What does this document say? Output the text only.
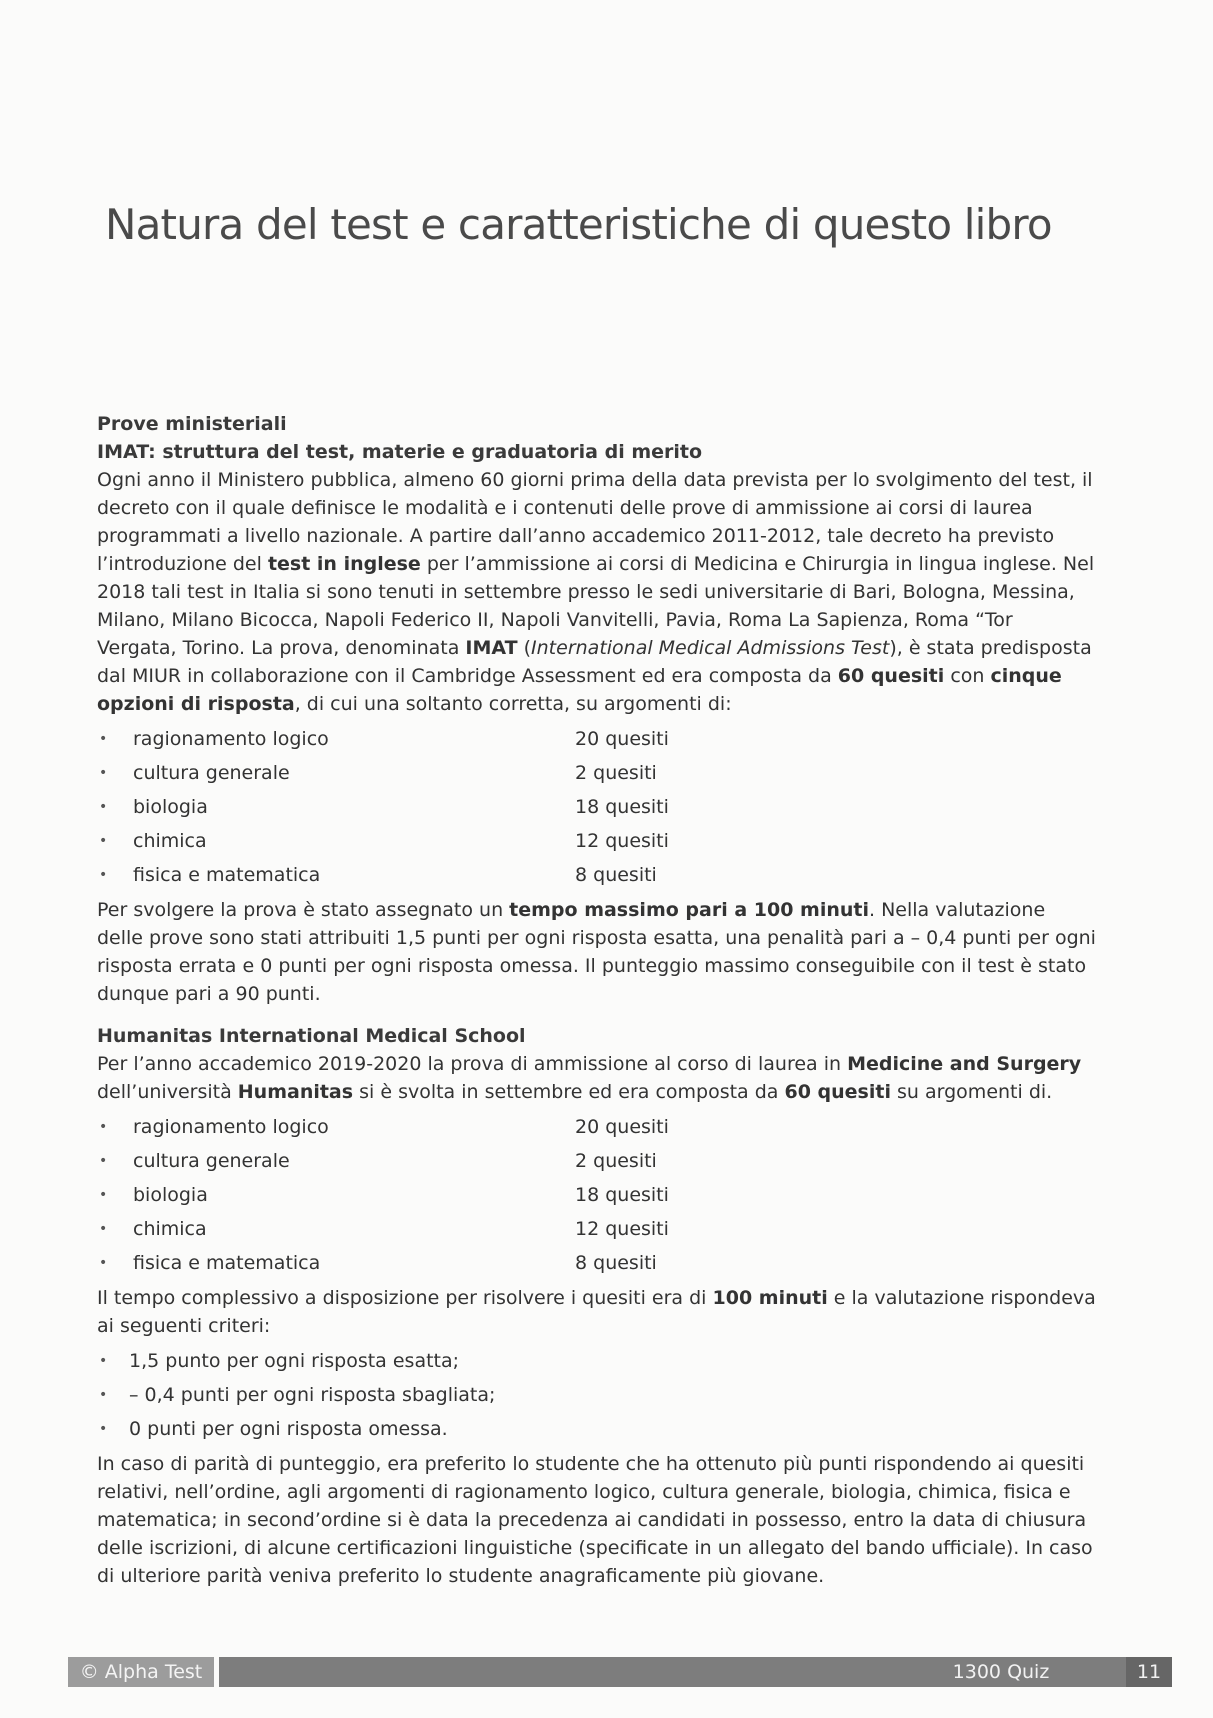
Natura del test e caratteristiche di questo libro

Prove ministeriali

IMAT: struttura del test, materie e graduatoria di merito

Ogni anno il Ministero pubblica, almeno 60 giorni prima della data prevista per lo svolgimento del test, il decreto con il quale definisce le modalità e i contenuti delle prove di ammissione ai corsi di laurea programmati a livello nazionale. A partire dall’anno accademico 2011-2012, tale decreto ha previsto l’introduzione del test in inglese per l’ammissione ai corsi di Medicina e Chirurgia in lingua inglese. Nel 2018 tali test in Italia si sono tenuti in settembre presso le sedi universitarie di Bari, Bologna, Messina, Milano, Milano Bicocca, Napoli Federico II, Napoli Vanvitelli, Pavia, Roma La Sapienza, Roma “Tor Vergata, Torino. La prova, denominata IMAT (International Medical Admissions Test), è stata predisposta dal MIUR in collaborazione con il Cambridge Assessment ed era composta da 60 quesiti con cinque opzioni di risposta, di cui una soltanto corretta, su argomenti di:

• ragionamento logico	20 quesiti
• cultura generale	2 quesiti
• biologia	18 quesiti
• chimica	12 quesiti
• fisica e matematica	8 quesiti

Per svolgere la prova è stato assegnato un tempo massimo pari a 100 minuti. Nella valutazione delle prove sono stati attribuiti 1,5 punti per ogni risposta esatta, una penalità pari a – 0,4 punti per ogni risposta errata e 0 punti per ogni risposta omessa. Il punteggio massimo conseguibile con il test è stato dunque pari a 90 punti.

Humanitas International Medical School

Per l’anno accademico 2019-2020 la prova di ammissione al corso di laurea in Medicine and Surgery dell’università Humanitas si è svolta in settembre ed era composta da 60 quesiti su argomenti di.

• ragionamento logico	20 quesiti
• cultura generale	2 quesiti
• biologia	18 quesiti
• chimica	12 quesiti
• fisica e matematica	8 quesiti

Il tempo complessivo a disposizione per risolvere i quesiti era di 100 minuti e la valutazione rispondeva ai seguenti criteri:

• 1,5 punto per ogni risposta esatta;
• – 0,4 punti per ogni risposta sbagliata;
• 0 punti per ogni risposta omessa.

In caso di parità di punteggio, era preferito lo studente che ha ottenuto più punti rispondendo ai quesiti relativi, nell’ordine, agli argomenti di ragionamento logico, cultura generale, biologia, chimica, fisica e matematica; in second’ordine si è data la precedenza ai candidati in possesso, entro la data di chiusura delle iscrizioni, di alcune certificazioni linguistiche (specificate in un allegato del bando ufficiale). In caso di ulteriore parità veniva preferito lo studente anagraficamente più giovane.

© Alpha Test	1300 Quiz	11
